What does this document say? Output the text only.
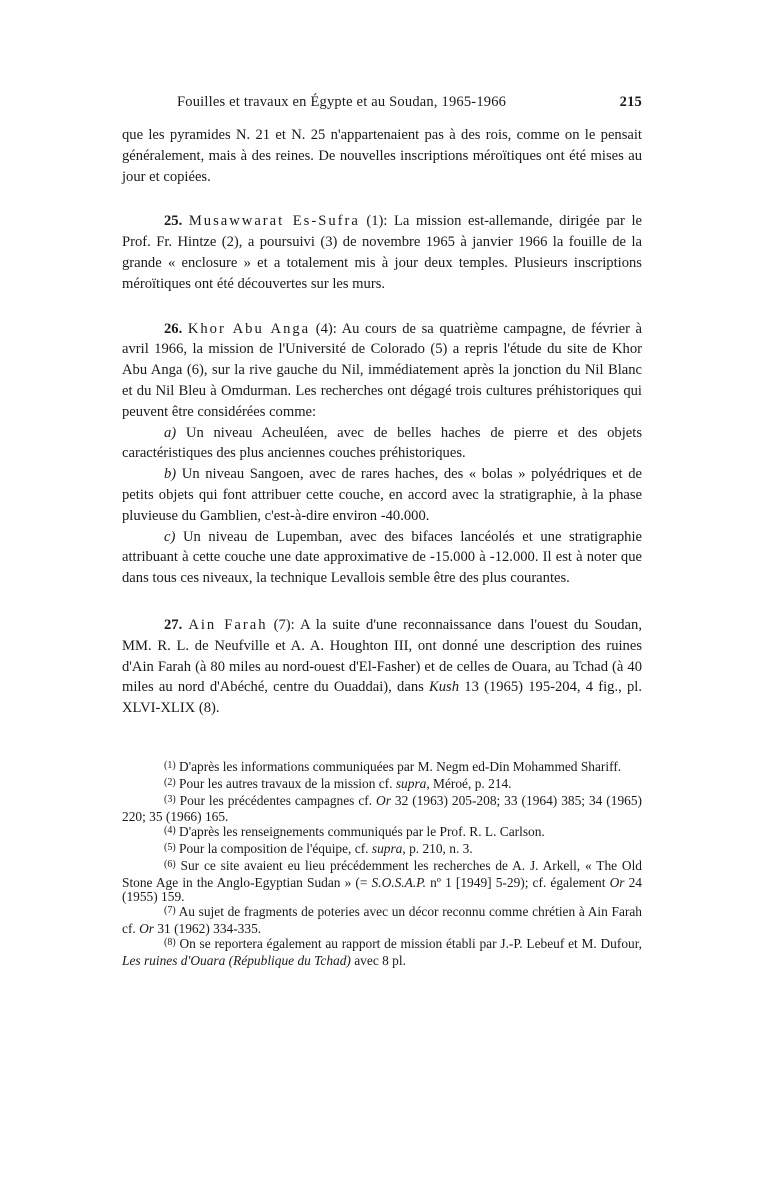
Fouilles et travaux en Égypte et au Soudan, 1965-1966	215

que les pyramides N. 21 et N. 25 n'appartenaient pas à des rois, comme on le pensait généralement, mais à des reines. De nouvelles inscriptions méroïtiques ont été mises au jour et copiées.

25. Musawwarat Es-Sufra (1): La mission est-allemande, dirigée par le Prof. Fr. Hintze (2), a poursuivi (3) de novembre 1965 à janvier 1966 la fouille de la grande « enclosure » et a totalement mis à jour deux temples. Plusieurs inscriptions méroïtiques ont été découvertes sur les murs.

26. Khor Abu Anga (4): Au cours de sa quatrième campagne, de février à avril 1966, la mission de l'Université de Colorado (5) a repris l'étude du site de Khor Abu Anga (6), sur la rive gauche du Nil, immédiatement après la jonction du Nil Blanc et du Nil Bleu à Omdurman. Les recherches ont dégagé trois cultures préhistoriques qui peuvent être considérées comme:

a) Un niveau Acheuléen, avec de belles haches de pierre et des objets caractéristiques des plus anciennes couches préhistoriques.

b) Un niveau Sangoen, avec de rares haches, des « bolas » polyédriques et de petits objets qui font attribuer cette couche, en accord avec la stratigraphie, à la phase pluvieuse du Gamblien, c'est-à-dire environ -40.000.

c) Un niveau de Lupemban, avec des bifaces lancéolés et une stratigraphie attribuant à cette couche une date approximative de -15.000 à -12.000. Il est à noter que dans tous ces niveaux, la technique Levallois semble être des plus courantes.

27. Ain Farah (7): A la suite d'une reconnaissance dans l'ouest du Soudan, MM. R. L. de Neufville et A. A. Houghton III, ont donné une description des ruines d'Ain Farah (à 80 miles au nord-ouest d'El-Fasher) et de celles de Ouara, au Tchad (à 40 miles au nord d'Abéché, centre du Ouaddai), dans Kush 13 (1965) 195-204, 4 fig., pl. XLVI-XLIX (8).

$^{(1)}$ D'après les informations communiquées par M. Negm ed-Din Mohammed Shariff.

$^{(2)}$ Pour les autres travaux de la mission cf. supra, Méroé, p. 214.

$^{(3)}$ Pour les précédentes campagnes cf. Or 32 (1963) 205-208; 33 (1964) 385; 34 (1965) 220; 35 (1966) 165.

$^{(4)}$ D'après les renseignements communiqués par le Prof. R. L. Carlson.

$^{(5)}$ Pour la composition de l'équipe, cf. supra, p. 210, n. 3.

$^{(6)}$ Sur ce site avaient eu lieu précédemment les recherches de A. J. Arkell, « The Old Stone Age in the Anglo-Egyptian Sudan » (= S.O.S.A.P. nº 1 [1949] 5-29); cf. également Or 24 (1955) 159.

$^{(7)}$ Au sujet de fragments de poteries avec un décor reconnu comme chrétien à Ain Farah cf. Or 31 (1962) 334-335.

$^{(8)}$ On se reportera également au rapport de mission établi par J.-P. Lebeuf et M. Dufour, Les ruines d'Ouara (République du Tchad) avec 8 pl.
